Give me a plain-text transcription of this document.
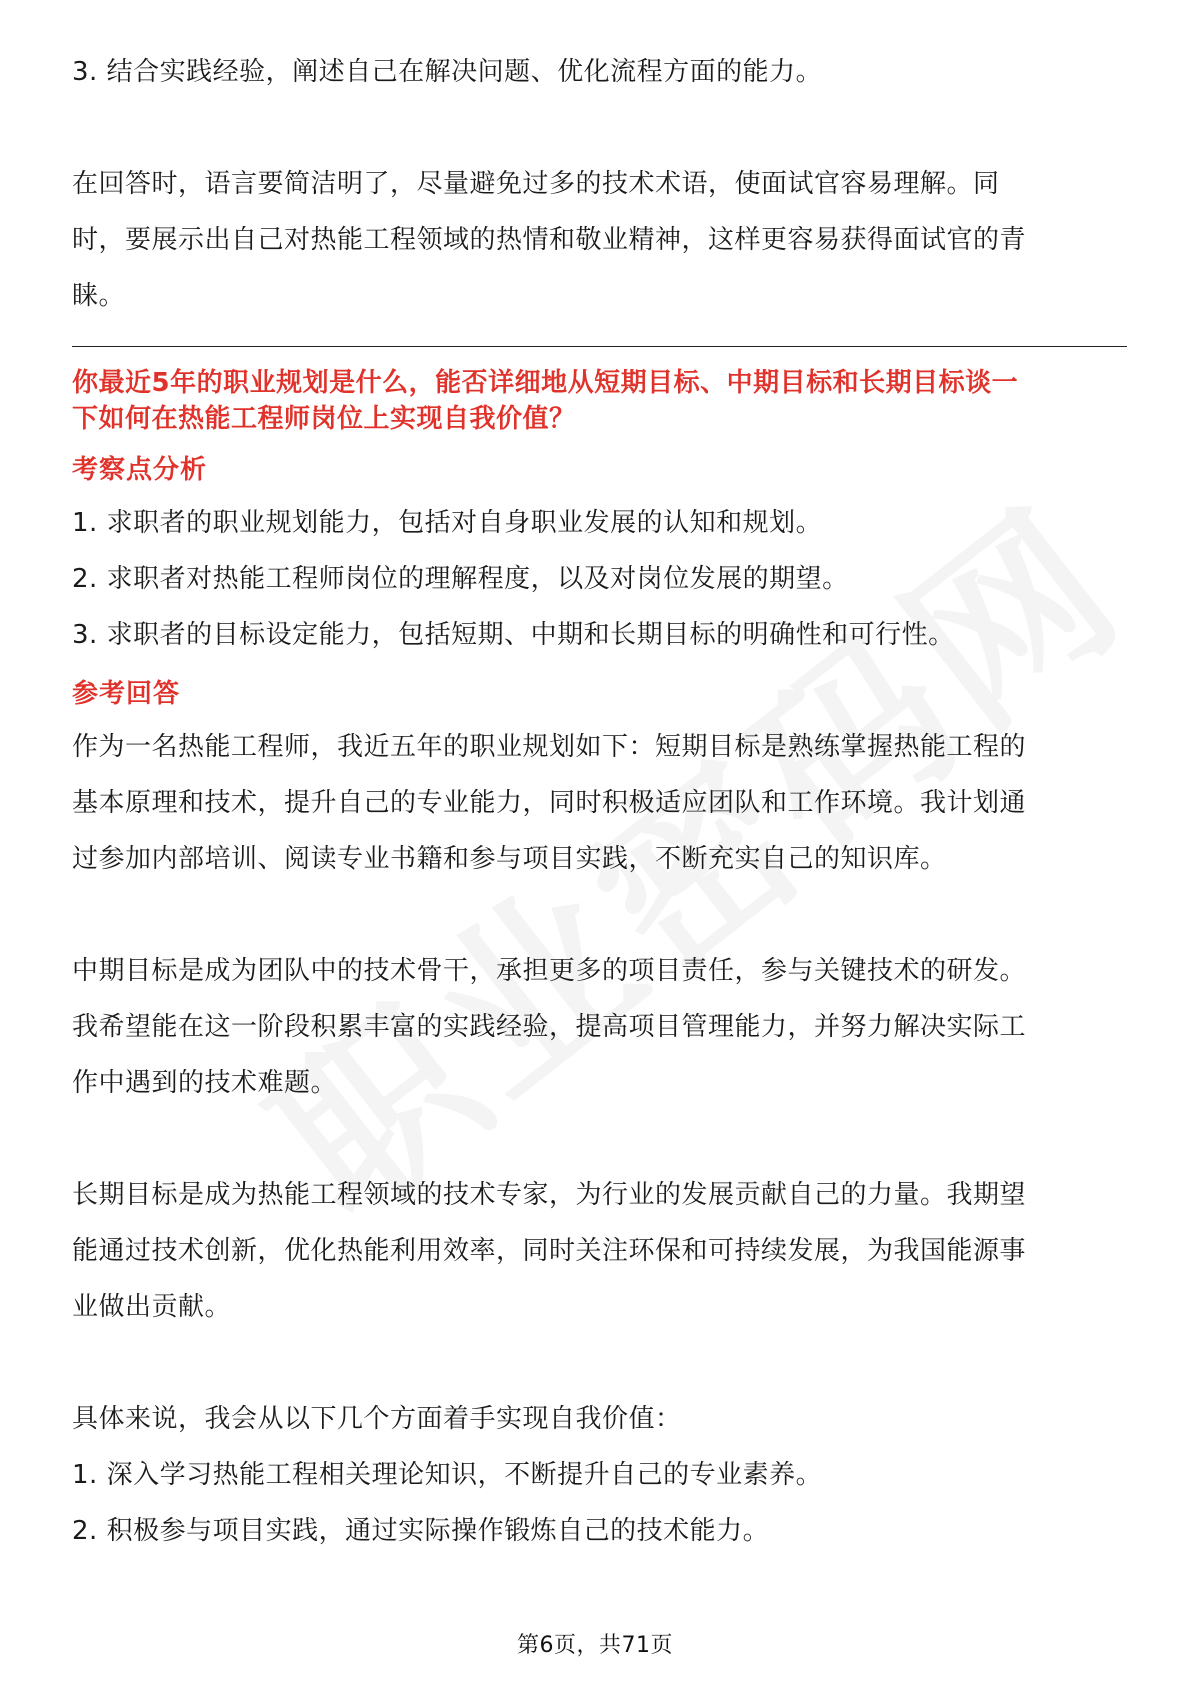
3. 结合实践经验，阐述自己在解决问题、优化流程方面的能力。

在回答时，语言要简洁明了，尽量避免过多的技术术语，使面试官容易理解。同

时，要展示出自己对热能工程领域的热情和敬业精神，这样更容易获得面试官的青

睐。

你最近5年的职业规划是什么，能否详细地从短期目标、中期目标和长期目标谈一

下如何在热能工程师岗位上实现自我价值？

考察点分析

1. 求职者的职业规划能力，包括对自身职业发展的认知和规划。

2. 求职者对热能工程师岗位的理解程度，以及对岗位发展的期望。

3. 求职者的目标设定能力，包括短期、中期和长期目标的明确性和可行性。

参考回答

作为一名热能工程师，我近五年的职业规划如下：短期目标是熟练掌握热能工程的

基本原理和技术，提升自己的专业能力，同时积极适应团队和工作环境。我计划通

过参加内部培训、阅读专业书籍和参与项目实践，不断充实自己的知识库。

中期目标是成为团队中的技术骨干，承担更多的项目责任，参与关键技术的研发。

我希望能在这一阶段积累丰富的实践经验，提高项目管理能力，并努力解决实际工

作中遇到的技术难题。

长期目标是成为热能工程领域的技术专家，为行业的发展贡献自己的力量。我期望

能通过技术创新，优化热能利用效率，同时关注环保和可持续发展，为我国能源事

业做出贡献。

具体来说，我会从以下几个方面着手实现自我价值：

1. 深入学习热能工程相关理论知识，不断提升自己的专业素养。

2. 积极参与项目实践，通过实际操作锻炼自己的技术能力。

第6页，共71页
